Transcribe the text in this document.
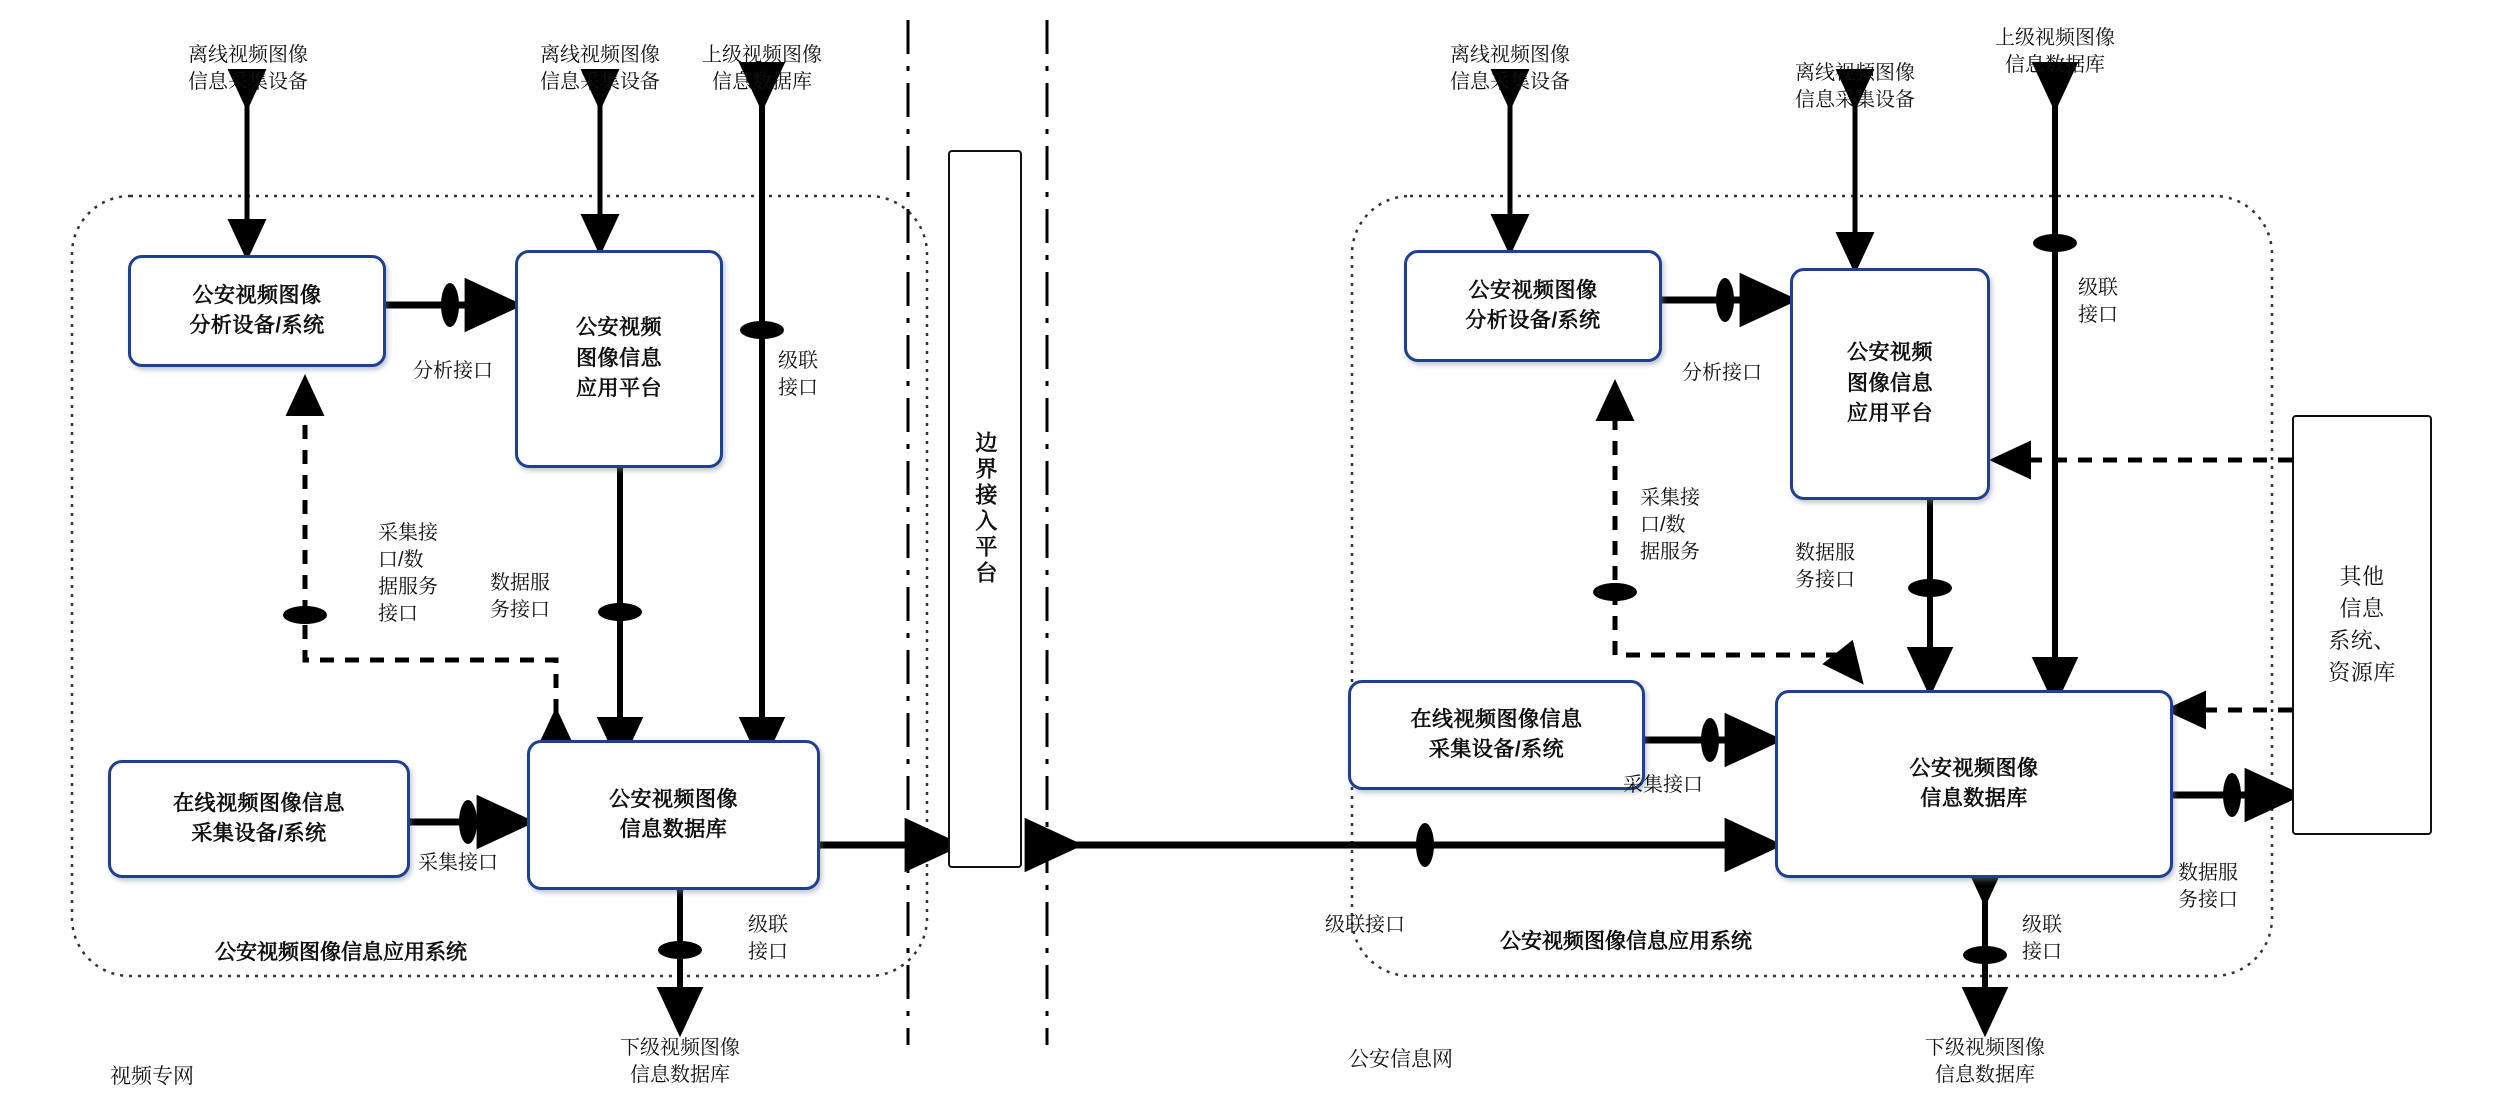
公安视频图像
分析设备/系统	公安视频
图像信息
应用平台
在线视频图像信息
采集设备/系统
公安视频图像
信息数据库
公安视频图像信息应用系统
视频专网
离线视频图像
信息采集设备
离线视频图像
信息采集设备
上级视频图像
信息数据库
下级视频图像
信息数据库
分析接口	级联
接口
采集接
口/数
据服务
接口
数据服
务接口
采集接口
级联
接口
边界接入平台
公安视频图像
分析设备/系统
公安视频
图像信息
应用平台
在线视频图像信息
采集设备/系统
公安视频图像
信息数据库
其他
信息
系统、
资源库
公安视频图像信息应用系统
公安信息网
离线视频图像
信息采集设备	离线视频图像
信息采集设备
上级视频图像
信息数据库
下级视频图像
信息数据库
分析接口
级联
接口
采集接
口/数
据服务	数据服
务接口
采集接口
级联接口	级联
接口
数据服
务接口
